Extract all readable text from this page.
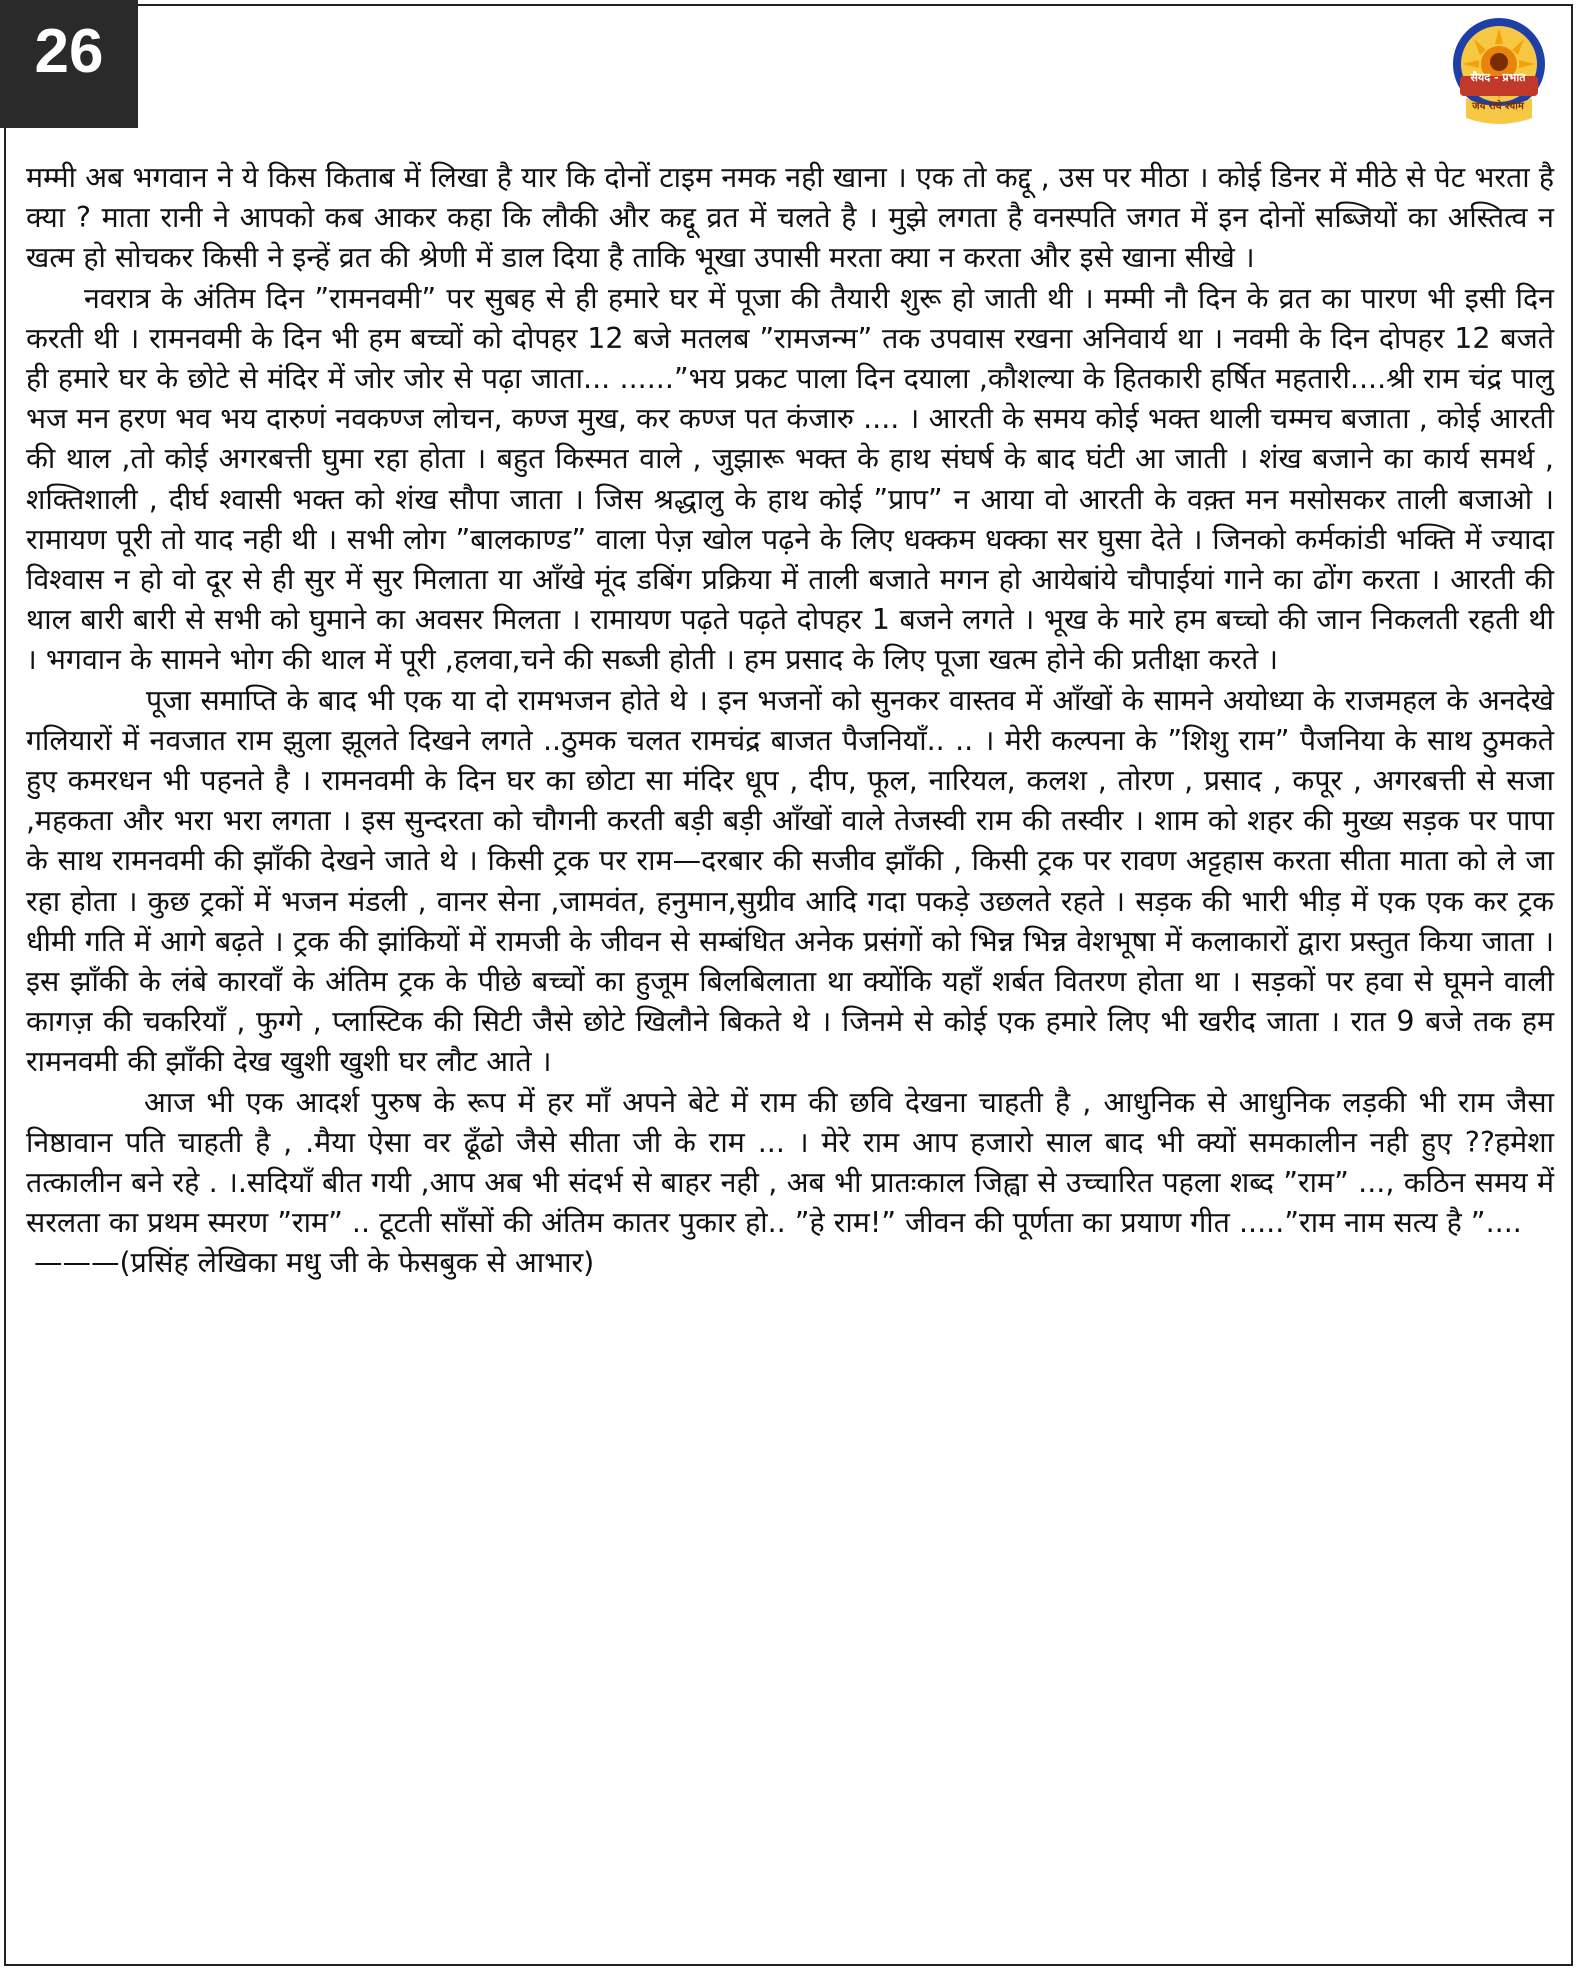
26	सैयद - प्रभात
जय राधे श्याम

मम्मी अब भगवान ने ये किस किताब में लिखा है यार कि दोनों टाइम नमक नही खाना । एक तो कद्दू , उस पर मीठा । कोई डिनर में मीठे से पेट भरता है क्या ? माता रानी ने आपको कब आकर कहा कि लौकी और कद्दू व्रत में चलते है । मुझे लगता है वनस्पति जगत में इन दोनों सब्जियों का अस्तित्व न खत्म हो सोचकर किसी ने इन्हें व्रत की श्रेणी में डाल दिया है ताकि भूखा उपासी मरता क्या न करता और इसे खाना सीखे ।

नवरात्र के अंतिम दिन ”रामनवमी” पर सुबह से ही हमारे घर में पूजा की तैयारी शुरू हो जाती थी । मम्मी नौ दिन के व्रत का पारण भी इसी दिन करती थी । रामनवमी के दिन भी हम बच्चों को दोपहर 12 बजे मतलब ”रामजन्म” तक उपवास रखना अनिवार्य था । नवमी के दिन दोपहर 12 बजते ही हमारे घर के छोटे से मंदिर में जोर जोर से पढ़ा जाता... ......”भय प्रकट पाला दिन दयाला ,कौशल्या के हितकारी हर्षित महतारी....श्री राम चंद्र पालु भज मन हरण भव भय दारुणं नवकण्ज लोचन, कण्ज मुख, कर कण्ज पत कंजारु .... । आरती के समय कोई भक्त थाली चम्मच बजाता , कोई आरती की थाल ,तो कोई अगरबत्ती घुमा रहा होता । बहुत किस्मत वाले , जुझारू भक्त के हाथ संघर्ष के बाद घंटी आ जाती । शंख बजाने का कार्य समर्थ , शक्तिशाली , दीर्घ श्वासी भक्त को शंख सौपा जाता । जिस श्रद्धालु के हाथ कोई ”प्राप” न आया वो आरती के वक़्त मन मसोसकर ताली बजाओ । रामायण पूरी तो याद नही थी । सभी लोग ”बालकाण्ड” वाला पेज़ खोल पढ़ने के लिए धक्कम धक्का सर घुसा देते । जिनको कर्मकांडी भक्ति में ज्यादा विश्वास न हो वो दूर से ही सुर में सुर मिलाता या आँखे मूंद डबिंग प्रक्रिया में ताली बजाते मगन हो आयेबांये चौपाईयां गाने का ढोंग करता । आरती की थाल बारी बारी से सभी को घुमाने का अवसर मिलता । रामायण पढ़ते पढ़ते दोपहर 1 बजने लगते । भूख के मारे हम बच्चो की जान निकलती रहती थी । भगवान के सामने भोग की थाल में पूरी ,हलवा,चने की सब्जी होती । हम प्रसाद के लिए पूजा खत्म होने की प्रतीक्षा करते ।

पूजा समाप्ति के बाद भी एक या दो रामभजन होते थे । इन भजनों को सुनकर वास्तव में आँखों के सामने अयोध्या के राजमहल के अनदेखे गलियारों में नवजात राम झुला झूलते दिखने लगते ..ठुमक चलत रामचंद्र बाजत पैजनियाँ.. .. । मेरी कल्पना के ”शिशु राम” पैजनिया के साथ ठुमकते हुए कमरधन भी पहनते है । रामनवमी के दिन घर का छोटा सा मंदिर धूप , दीप, फूल, नारियल, कलश , तोरण , प्रसाद , कपूर , अगरबत्ती से सजा ,महकता और भरा भरा लगता । इस सुन्दरता को चौगनी करती बड़ी बड़ी आँखों वाले तेजस्वी राम की तस्वीर । शाम को शहर की मुख्य सड़क पर पापा के साथ रामनवमी की झाँकी देखने जाते थे । किसी ट्रक पर राम—दरबार की सजीव झाँकी , किसी ट्रक पर रावण अट्टहास करता सीता माता को ले जा रहा होता । कुछ ट्रकों में भजन मंडली , वानर सेना ,जामवंत, हनुमान,सुग्रीव आदि गदा पकड़े उछलते रहते । सड़क की भारी भीड़ में एक एक कर ट्रक धीमी गति में आगे बढ़ते । ट्रक की झांकियों में रामजी के जीवन से सम्बंधित अनेक प्रसंगों को भिन्न भिन्न वेशभूषा में कलाकारों द्वारा प्रस्तुत किया जाता । इस झाँकी के लंबे कारवाँ के अंतिम ट्रक के पीछे बच्चों का हुजूम बिलबिलाता था क्योंकि यहाँ शर्बत वितरण होता था । सड़कों पर हवा से घूमने वाली कागज़ की चकरियाँ , फुग्गे , प्लास्टिक की सिटी जैसे छोटे खिलौने बिकते थे । जिनमे से कोई एक हमारे लिए भी खरीद जाता । रात 9 बजे तक हम रामनवमी की झाँकी देख खुशी खुशी घर लौट आते ।

आज भी एक आदर्श पुरुष के रूप में हर माँ अपने बेटे में राम की छवि देखना चाहती है , आधुनिक से आधुनिक लड़की भी राम जैसा निष्ठावान पति चाहती है , .मैया ऐसा वर ढूँढो जैसे सीता जी के राम ... । मेरे राम आप हजारो साल बाद भी क्यों समकालीन नही हुए ??हमेशा तत्कालीन बने रहे . ।.सदियाँ बीत गयी ,आप अब भी संदर्भ से बाहर नही , अब भी प्रातःकाल जिह्वा से उच्चारित पहला शब्द ”राम” ..., कठिन समय में सरलता का प्रथम स्मरण ”राम” .. टूटती साँसों की अंतिम कातर पुकार हो.. ”हे राम!” जीवन की पूर्णता का प्रयाण गीत .....”राम नाम सत्य है ”....

———(प्रसिंह लेखिका मधु जी के फेसबुक से आभार)
